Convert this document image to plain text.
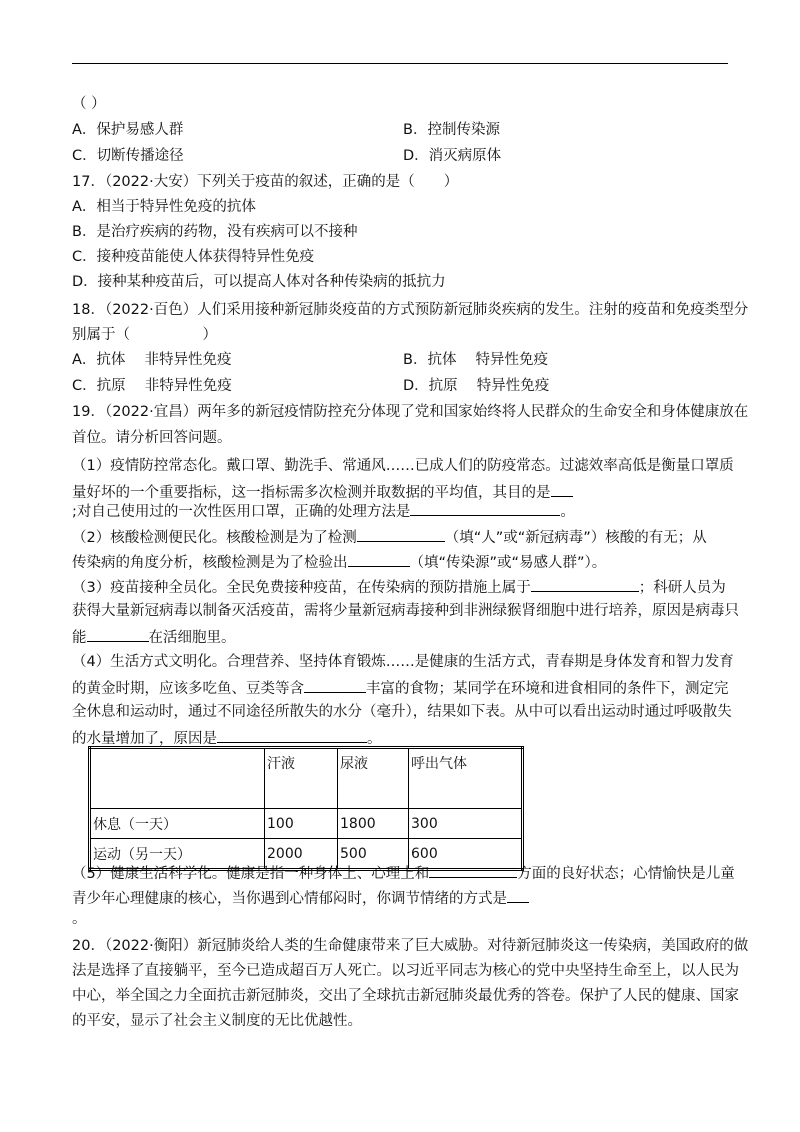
（ ）
A．保护易感人群	B．控制传染源
C．切断传播途径	D．消灭病原体
17．（2022·大安）下列关于疫苗的叙述，正确的是（　　）
A．相当于特异性免疫的抗体
B．是治疗疾病的药物，没有疾病可以不接种
C．接种疫苗能使人体获得特异性免疫
D．接种某种疫苗后，可以提高人体对各种传染病的抵抗力
18．（2022·百色）人们采用接种新冠肺炎疫苗的方式预防新冠肺炎疾病的发生。注射的疫苗和免疫类型分
别属于（　　　　　）
A．抗体　 非特异性免疫	B．抗体　 特异性免疫
C．抗原　 非特异性免疫	D．抗原　 特异性免疫
19．（2022·宜昌）两年多的新冠疫情防控充分体现了党和国家始终将人民群众的生命安全和身体健康放在
首位。请分析回答问题。
（1）疫情防控常态化。戴口罩、勤洗手、常通风……已成人们的防疫常态。过滤效率高低是衡量口罩质
量好坏的一个重要指标，这一指标需多次检测并取数据的平均值，其目的是
;对自己使用过的一次性医用口罩，正确的处理方法是	。
（2）核酸检测便民化。核酸检测是为了检测	（填“人”或“新冠病毒”）核酸的有无；从
传染病的角度分析，核酸检测是为了检验出	（填“传染源”或“易感人群”）。
（3）疫苗接种全员化。全民免费接种疫苗，在传染病的预防措施上属于	；科研人员为
获得大量新冠病毒以制备灭活疫苗，需将少量新冠病毒接种到非洲绿猴肾细胞中进行培养，原因是病毒只
能	在活细胞里。
（4）生活方式文明化。合理营养、坚持体育锻炼……是健康的生活方式，青春期是身体发育和智力发育
的黄金时期，应该多吃鱼、豆类等含	丰富的食物；某同学在环境和进食相同的条件下，测定完
全休息和运动时，通过不同途径所散失的水分（毫升），结果如下表。从中可以看出运动时通过呼吸散失
的水量增加了，原因是	。
	汗液	尿液	呼出气体
休息（一天）	100	1800	300
运动（另一天）	2000	500	600
（5）健康生活科学化。健康是指一种身体上、心理上和	方面的良好状态；心情愉快是儿童
青少年心理健康的核心，当你遇到心情郁闷时，你调节情绪的方式是
。
20．（2022·衡阳）新冠肺炎给人类的生命健康带来了巨大威胁。对待新冠肺炎这一传染病，美国政府的做
法是选择了直接躺平，至今已造成超百万人死亡。以习近平同志为核心的党中央坚持生命至上，以人民为
中心，举全国之力全面抗击新冠肺炎，交出了全球抗击新冠肺炎最优秀的答卷。保护了人民的健康、国家
的平安，显示了社会主义制度的无比优越性。
